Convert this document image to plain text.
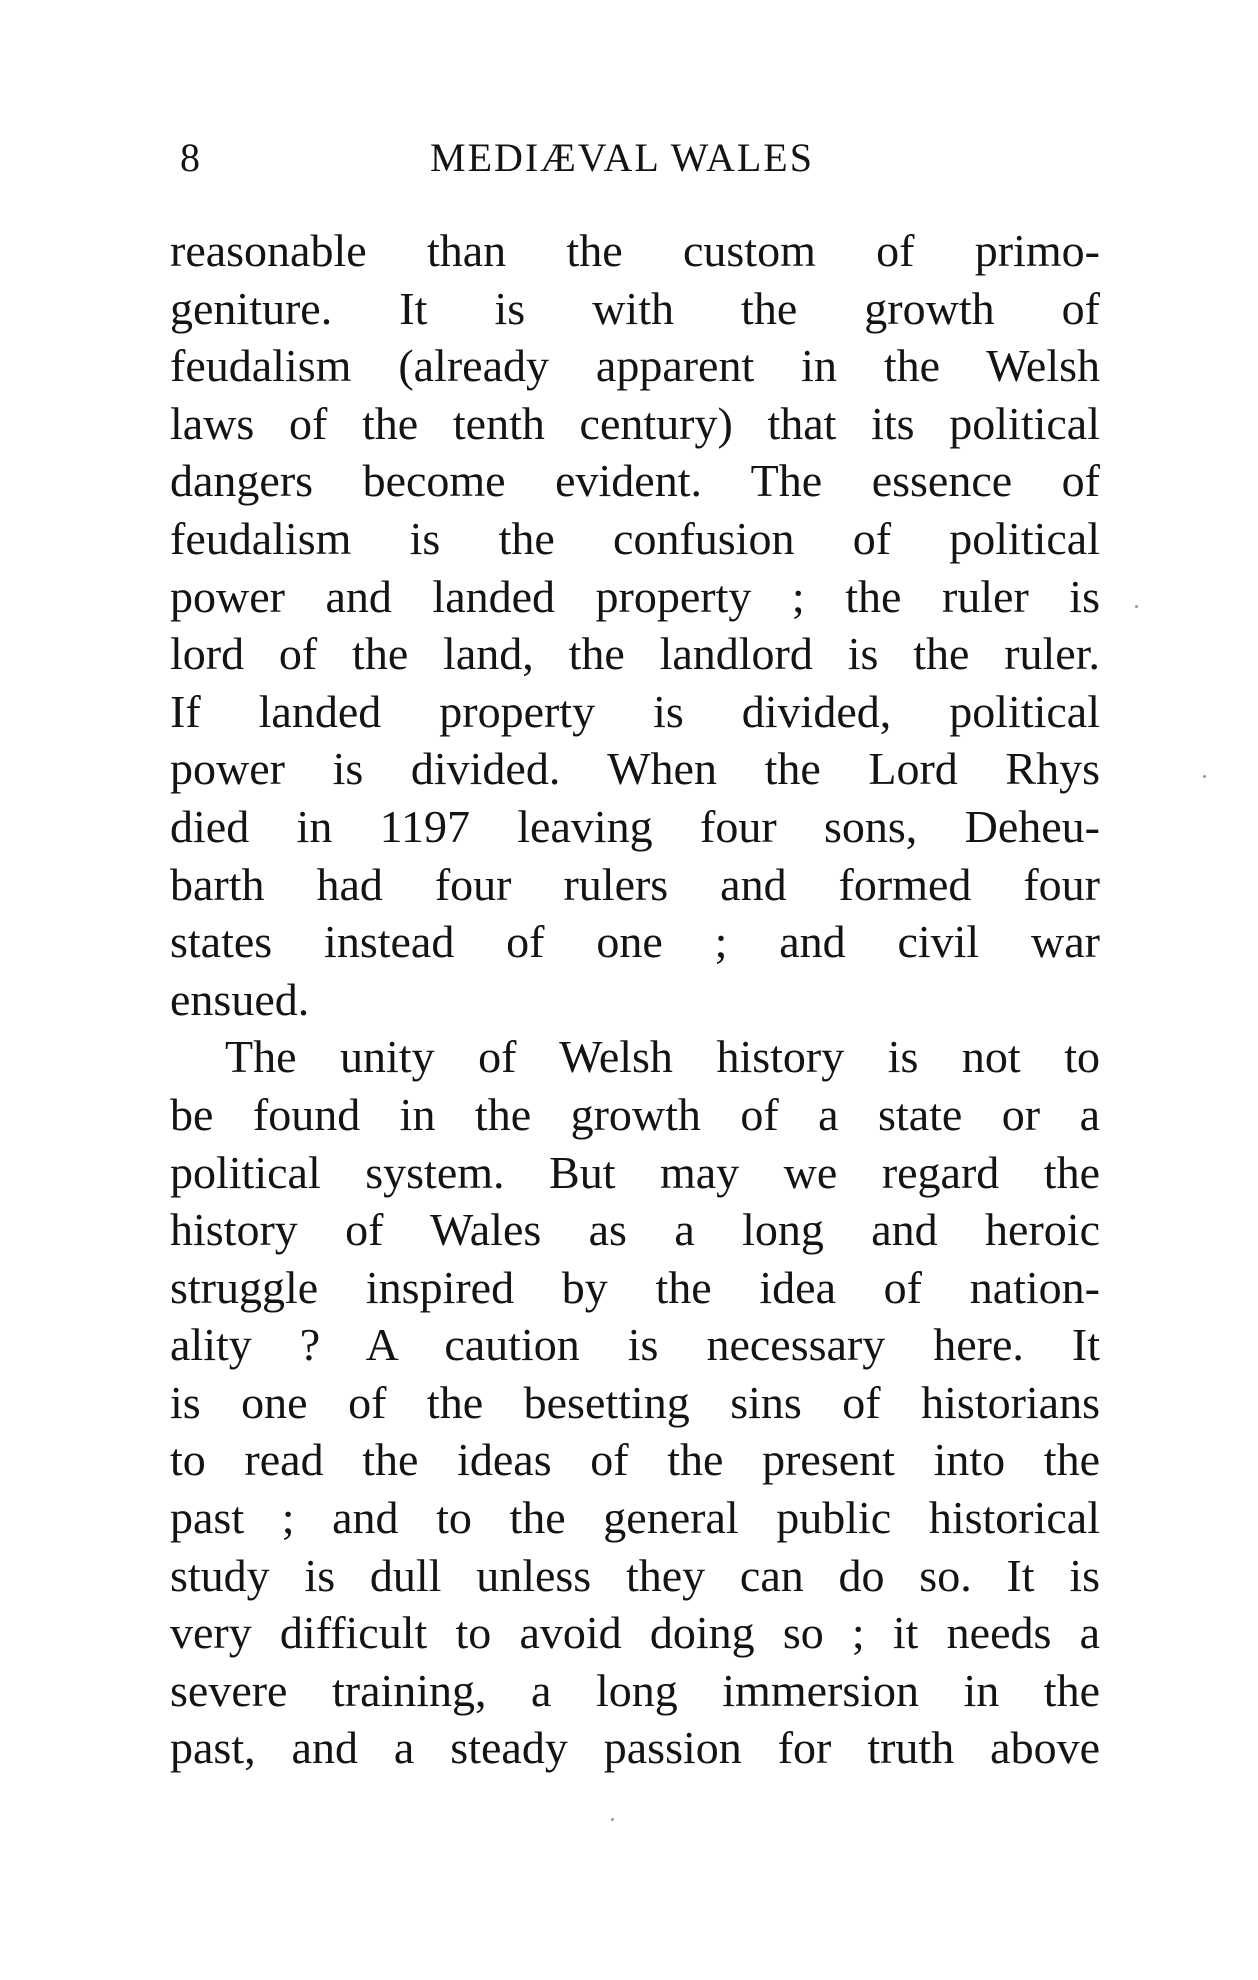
8	MEDIÆVAL WALES
reasonable than the custom of primo-
geniture. It is with the growth of
feudalism (already apparent in the Welsh
laws of the tenth century) that its political
dangers become evident. The essence of
feudalism is the confusion of political
power and landed property ; the ruler is
lord of the land, the landlord is the ruler.
If landed property is divided, political
power is divided. When the Lord Rhys
died in 1197 leaving four sons, Deheu-
barth had four rulers and formed four
states instead of one ; and civil war
ensued.
The unity of Welsh history is not to
be found in the growth of a state or a
political system. But may we regard the
history of Wales as a long and heroic
struggle inspired by the idea of nation-
ality ? A caution is necessary here. It
is one of the besetting sins of historians
to read the ideas of the present into the
past ; and to the general public historical
study is dull unless they can do so. It is
very difficult to avoid doing so ; it needs a
severe training, a long immersion in the
past, and a steady passion for truth above
